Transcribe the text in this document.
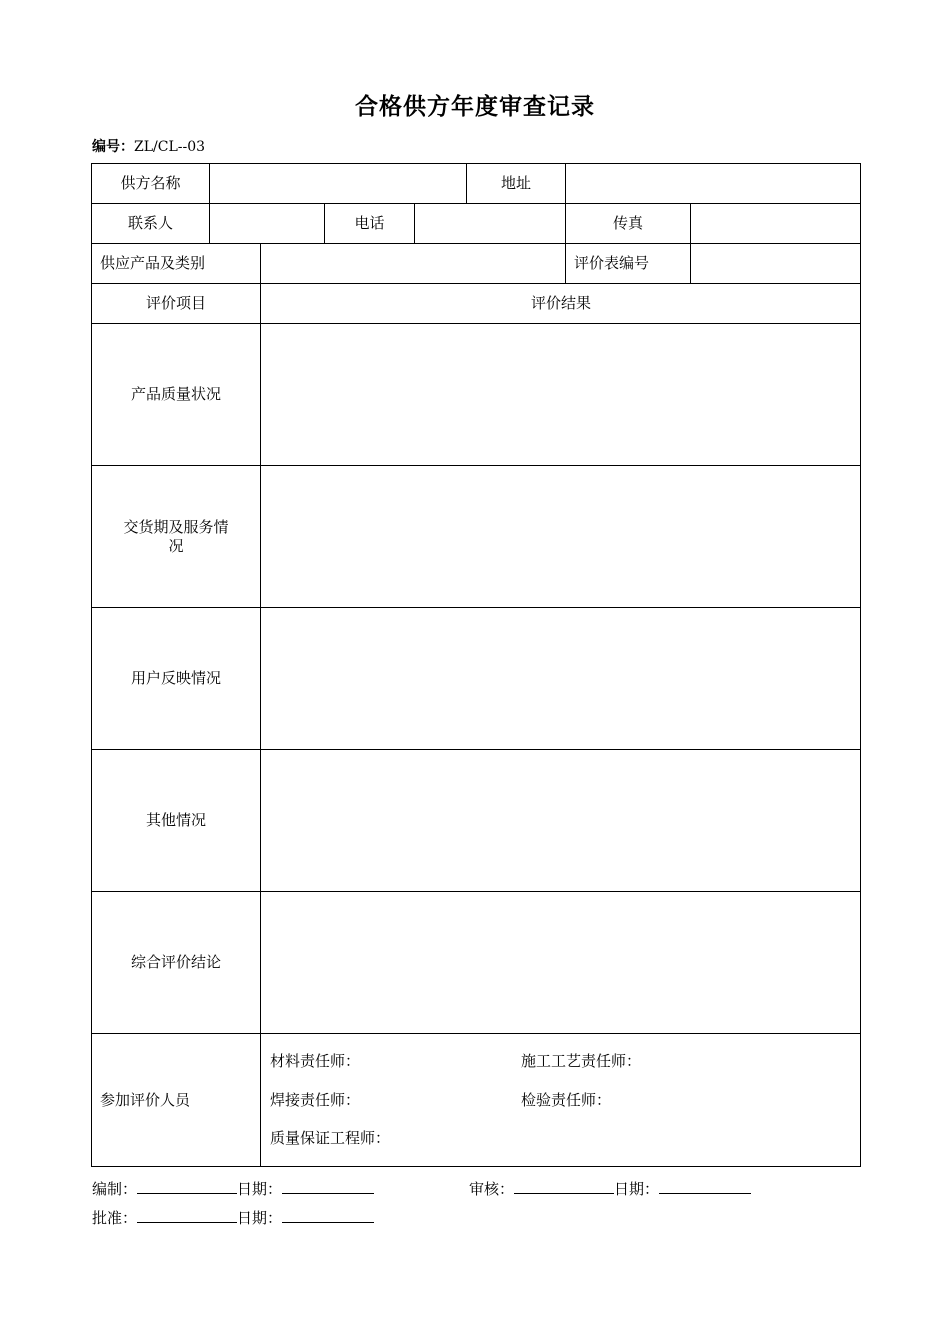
合格供方年度审查记录
编号：ZL/CL--03
供方名称	地址
联系人	电话	传真
供应产品及类别	评价表编号
评价项目	评价结果
产品质量状况
交货期及服务情况
用户反映情况
其他情况
综合评价结论
参加评价人员
材料责任师：	施工工艺责任师：
焊接责任师：	检验责任师：
质量保证工程师：
编制：	日期：	审核：	日期：
批准：	日期：
